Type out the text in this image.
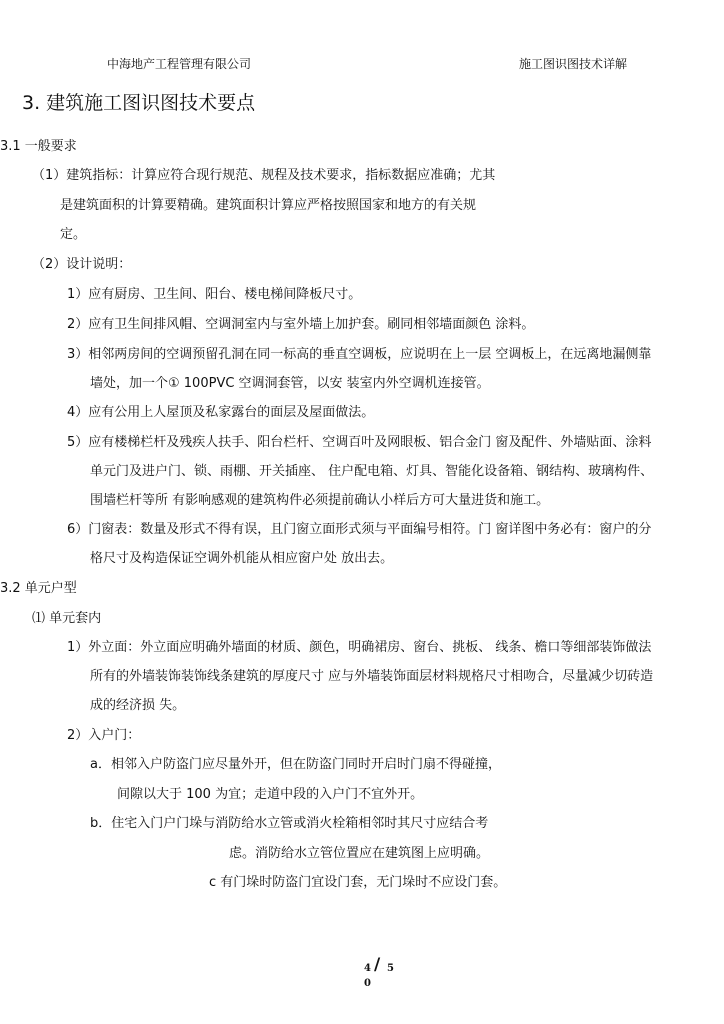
中海地产工程管理有限公司	施工图识图技术详解
3. 建筑施工图识图技术要点
3.1 一般要求
（1）建筑指标：计算应符合现行规范、规程及技术要求，指标数据应准确；尤其
是建筑面积的计算要精确。建筑面积计算应严格按照国家和地方的有关规
定。
（2）设计说明：
1）应有厨房、卫生间、阳台、楼电梯间降板尺寸。
2）应有卫生间排风帽、空调洞室内与室外墙上加护套。刷同相邻墙面颜色 涂料。
3）相邻两房间的空调预留孔洞在同一标高的垂直空调板，应说明在上一层 空调板上，在远离地漏侧靠
墙处，加一个① 100PVC 空调洞套管，以安 装室内外空调机连接管。
4）应有公用上人屋顶及私家露台的面层及屋面做法。
5）应有楼梯栏杆及残疾人扶手、阳台栏杆、空调百叶及网眼板、铝合金门 窗及配件、外墙贴面、涂料
单元门及进户门、锁、雨棚、开关插座、 住户配电箱、灯具、智能化设备箱、钢结构、玻璃构件、
围墙栏杆等所 有影响感观的建筑构件必须提前确认小样后方可大量进货和施工。
6）门窗表：数量及形式不得有误，且门窗立面形式须与平面编号相符。门 窗详图中务必有：窗户的分
格尺寸及构造保证空调外机能从相应窗户处 放出去。
3.2 单元户型
⑴ 单元套内
1）外立面：外立面应明确外墙面的材质、颜色，明确裙房、窗台、挑板、 线条、檐口等细部装饰做法
所有的外墙装饰装饰线条建筑的厚度尺寸 应与外墙装饰面层材料规格尺寸相吻合，尽量减少切砖造
成的经济损 失。
2）入户门：
a．相邻入户防盗门应尽量外开，但在防盗门同时开启时门扇不得碰撞，
间隙以大于 100 为宜；走道中段的入户门不宜外开。
b．住宅入门户门垛与消防给水立管或消火栓箱相邻时其尺寸应结合考
虑。消防给水立管位置应在建筑图上应明确。
c 有门垛时防盗门宜设门套，无门垛时不应设门套。
4 / 5
0
